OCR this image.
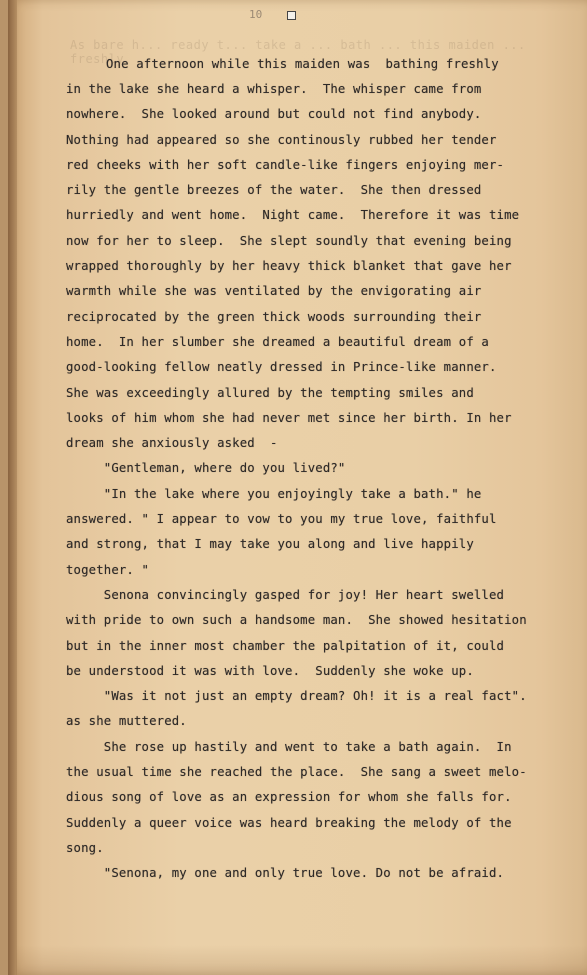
10
As bare h... ready t... take a ... bath ... this maiden ... freshly
One afternoon while this maiden was  bathing freshly
in the lake she heard a whisper.  The whisper came from
nowhere.  She looked around but could not find anybody.
Nothing had appeared so she continously rubbed her tender
red cheeks with her soft candle-like fingers enjoying mer-
rily the gentle breezes of the water.  She then dressed
hurriedly and went home.  Night came.  Therefore it was time
now for her to sleep.  She slept soundly that evening being
wrapped thoroughly by her heavy thick blanket that gave her
warmth while she was ventilated by the envigorating air
reciprocated by the green thick woods surrounding their
home.  In her slumber she dreamed a beautiful dream of a
good-looking fellow neatly dressed in Prince-like manner.
She was exceedingly allured by the tempting smiles and
looks of him whom she had never met since her birth. In her
dream she anxiously asked  -
"Gentleman, where do you lived?"
"In the lake where you enjoyingly take a bath." he
answered. " I appear to vow to you my true love, faithful
and strong, that I may take you along and live happily
together. "
Senona convincingly gasped for joy! Her heart swelled
with pride to own such a handsome man.  She showed hesitation
but in the inner most chamber the palpitation of it, could
be understood it was with love.  Suddenly she woke up.
"Was it not just an empty dream? Oh! it is a real fact".
as she muttered.
She rose up hastily and went to take a bath again.  In
the usual time she reached the place.  She sang a sweet melo-
dious song of love as an expression for whom she falls for.
Suddenly a queer voice was heard breaking the melody of the
song.
"Senona, my one and only true love. Do not be afraid.
